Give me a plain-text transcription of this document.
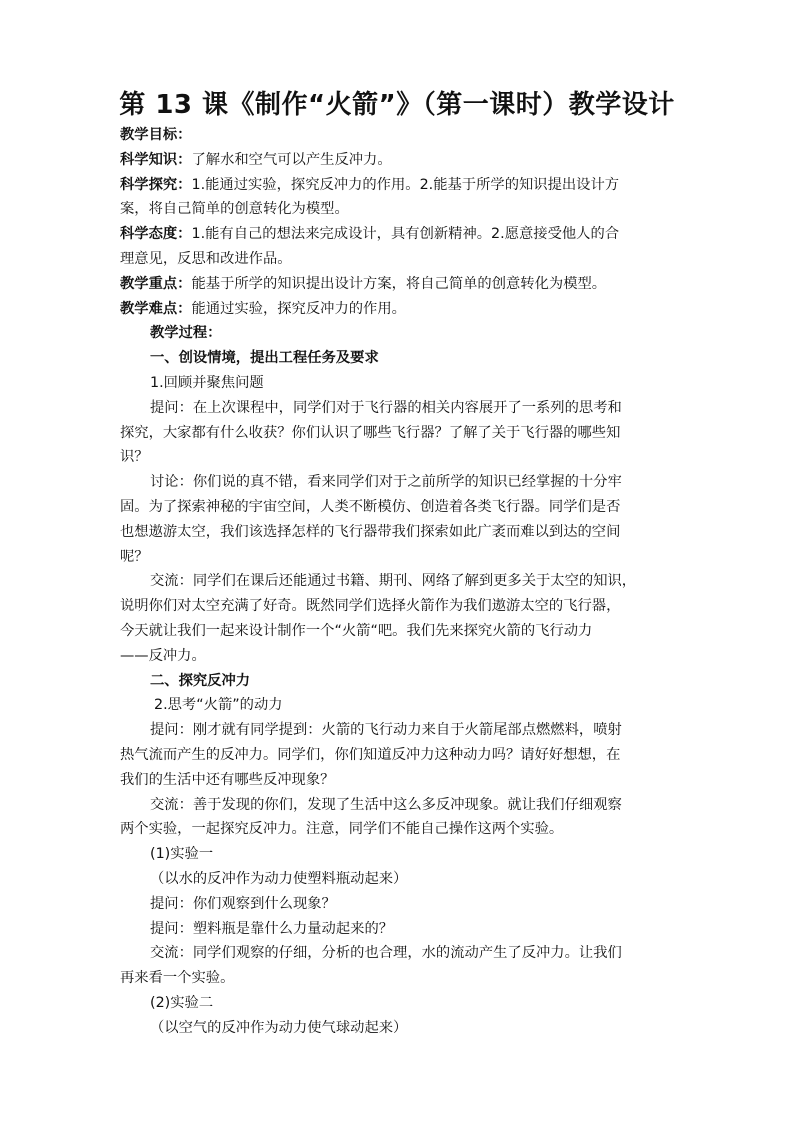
第 13 课《制作“火箭”》（第一课时）教学设计
教学目标：
科学知识：了解水和空气可以产生反冲力。
科学探究：1.能通过实验，探究反冲力的作用。2.能基于所学的知识提出设计方
案，将自己简单的创意转化为模型。
科学态度：1.能有自己的想法来完成设计，具有创新精神。2.愿意接受他人的合
理意见，反思和改进作品。
教学重点：能基于所学的知识提出设计方案，将自己简单的创意转化为模型。
教学难点：能通过实验，探究反冲力的作用。
教学过程：
一、创设情境，提出工程任务及要求
1.回顾并聚焦问题
提问：在上次课程中，同学们对于飞行器的相关内容展开了一系列的思考和
探究，大家都有什么收获？你们认识了哪些飞行器？了解了关于飞行器的哪些知
识？
讨论：你们说的真不错，看来同学们对于之前所学的知识已经掌握的十分牢
固。为了探索神秘的宇宙空间，人类不断模仿、创造着各类飞行器。同学们是否
也想遨游太空，我们该选择怎样的飞行器带我们探索如此广袤而难以到达的空间
呢？
交流：同学们在课后还能通过书籍、期刊、网络了解到更多关于太空的知识，
说明你们对太空充满了好奇。既然同学们选择火箭作为我们遨游太空的飞行器，
今天就让我们一起来设计制作一个“火箭“吧。我们先来探究火箭的飞行动力
——反冲力。
二、探究反冲力
2.思考“火箭”的动力
提问：刚才就有同学提到：火箭的飞行动力来自于火箭尾部点燃燃料，喷射
热气流而产生的反冲力。同学们，你们知道反冲力这种动力吗？请好好想想，在
我们的生活中还有哪些反冲现象？
交流：善于发现的你们，发现了生活中这么多反冲现象。就让我们仔细观察
两个实验，一起探究反冲力。注意，同学们不能自己操作这两个实验。
(1)实验一
（以水的反冲作为动力使塑料瓶动起来）
提问：你们观察到什么现象？
提问：塑料瓶是靠什么力量动起来的？
交流：同学们观察的仔细，分析的也合理，水的流动产生了反冲力。让我们
再来看一个实验。
(2)实验二
（以空气的反冲作为动力使气球动起来）
